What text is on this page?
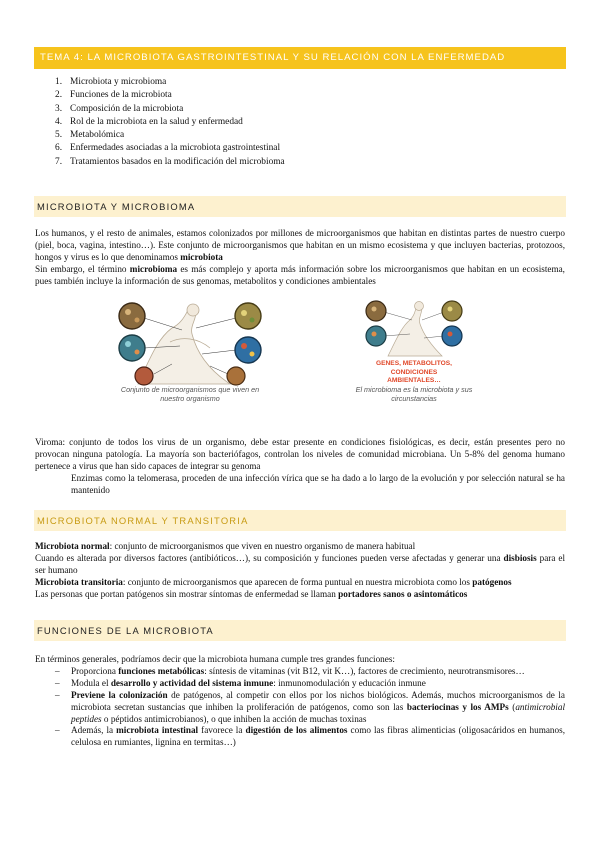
TEMA 4: LA MICROBIOTA GASTROINTESTINAL Y SU RELACIÓN CON LA ENFERMEDAD
1. Microbiota y microbioma
2. Funciones de la microbiota
3. Composición de la microbiota
4. Rol de la microbiota en la salud y enfermedad
5. Metabolómica
6. Enfermedades asociadas a la microbiota gastrointestinal
7. Tratamientos basados en la modificación del microbioma
MICROBIOTA Y MICROBIOMA

Los humanos, y el resto de animales, estamos colonizados por millones de microorganismos que habitan en distintas partes de nuestro cuerpo (piel, boca, vagina, intestino…). Este conjunto de microorganismos que habitan en un mismo ecosistema y que incluyen bacterias, protozoos, hongos y virus es lo que denominamos microbiota

Sin embargo, el término microbioma es más complejo y aporta más información sobre los microorganismos que habitan en un ecosistema, pues también incluye la información de sus genomas, metabolitos y condiciones ambientales

Conjunto de microorganismos que viven en nuestro organismo
GENES, METABOLITOS, CONDICIONES AMBIENTALES…
El microbioma es la microbiota y sus circunstancias

Viroma: conjunto de todos los virus de un organismo, debe estar presente en condiciones fisiológicas, es decir, están presentes pero no provocan ninguna patología. La mayoría son bacteriófagos, controlan los niveles de comunidad microbiana. Un 5-8% del genoma humano pertenece a virus que han sido capaces de integrar su genoma

Enzimas como la telomerasa, proceden de una infección vírica que se ha dado a lo largo de la evolución y por selección natural se ha mantenido

MICROBIOTA NORMAL Y TRANSITORIA

Microbiota normal: conjunto de microorganismos que viven en nuestro organismo de manera habitual

Cuando es alterada por diversos factores (antibióticos…), su composición y funciones pueden verse afectadas y generar una disbiosis para el ser humano

Microbiota transitoria: conjunto de microorganismos que aparecen de forma puntual en nuestra microbiota como los patógenos

Las personas que portan patógenos sin mostrar síntomas de enfermedad se llaman portadores sanos o asintomáticos

FUNCIONES DE LA MICROBIOTA

En términos generales, podríamos decir que la microbiota humana cumple tres grandes funciones:

– Proporciona funciones metabólicas: síntesis de vitaminas (vit B12, vit K…), factores de crecimiento, neurotransmisores…
– Modula el desarrollo y actividad del sistema inmune: inmunomodulación y educación inmune
– Previene la colonización de patógenos, al competir con ellos por los nichos biológicos. Además, muchos microorganismos de la microbiota secretan sustancias que inhiben la proliferación de patógenos, como son las bacteriocinas y los AMPs (antimicrobial peptides o péptidos antimicrobianos), o que inhiben la acción de muchas toxinas
– Además, la microbiota intestinal favorece la digestión de los alimentos como las fibras alimenticias (oligosacáridos en humanos, celulosa en rumiantes, lignina en termitas…)
